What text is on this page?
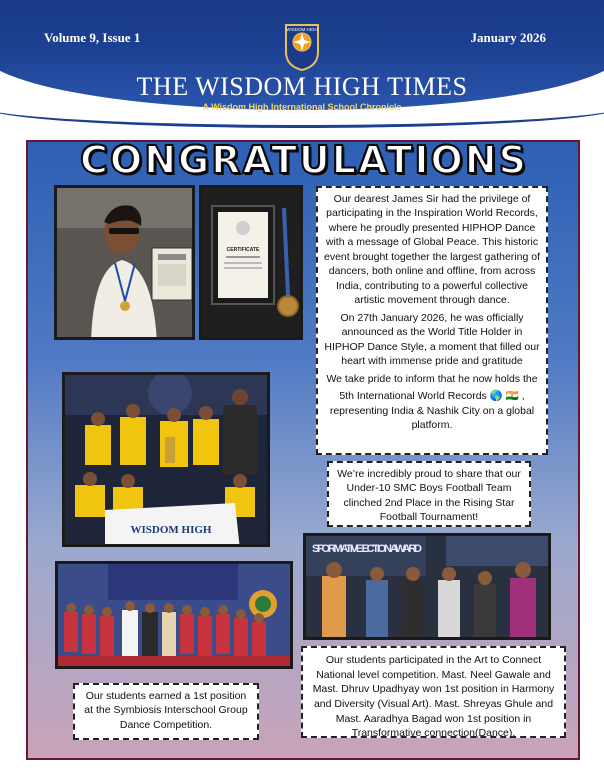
Volume 9, Issue 1	January 2026
WISDOM HIGH
THE WISDOM HIGH TIMES
A Wisdom High International School Chronicle
CONGRATULATIONS
CERTIFICATE

Our dearest James Sir had the privilege of participating in the Inspiration World Records, where he proudly presented HIPHOP Dance with a message of Global Peace. This historic event brought together the largest gathering of dancers, both online and offline, from across India, contributing to a powerful collective artistic movement through dance.

On 27th January 2026, he was officially announced as the World Title Holder in HIPHOP Dance Style, a moment that filled our heart with immense pride and gratitude

We take pride to inform that he now holds the

5th International World Records 🌎 🇮🇳 , representing India & Nashik City on a global platform.

WISDOM HIGH

We’re incredibly proud to share that our Under-10 SMC Boys Football Team clinched 2nd Place in the Rising Star Football Tournament!

SFORMATIVE ECTION AWARD

Our students participated in the Art to Connect National level competition. Mast. Neel Gawale and Mast. Dhruv Upadhyay won 1st position in Harmony and Diversity (Visual Art). Mast. Shreyas Ghule and Mast. Aaradhya Bagad won 1st position in Transformative connection(Dance).

Our students earned a 1st position at the Symbiosis Interschool Group Dance Competition.
